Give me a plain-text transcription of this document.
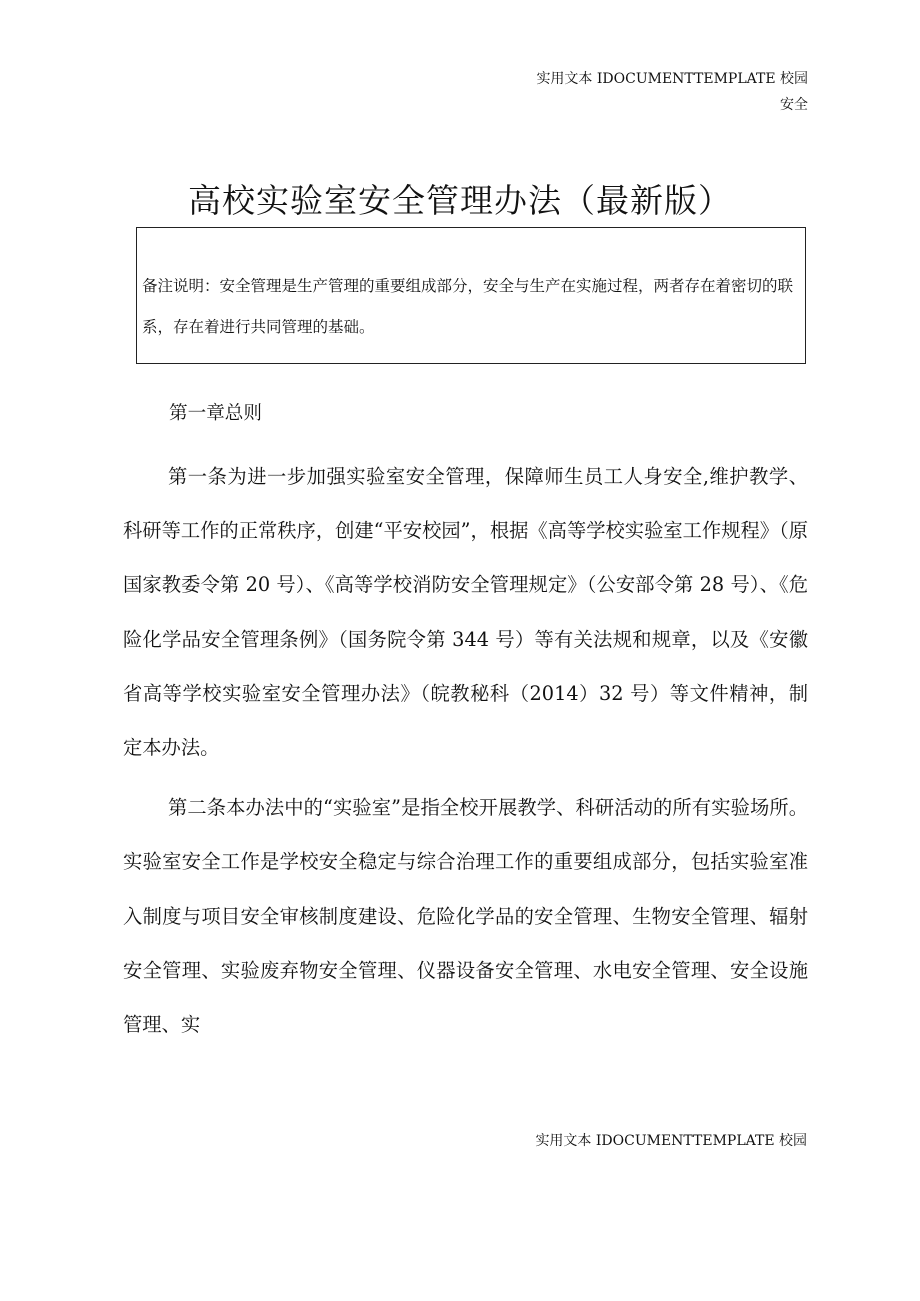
实用文本 IDOCUMENTTEMPLATE 校园
安全
高校实验室安全管理办法（最新版）
备注说明：安全管理是生产管理的重要组成部分，安全与生产在实施过程，两者存在着密切的联系，存在着进行共同管理的基础。

第一章总则

第一条为进一步加强实验室安全管理，保障师生员工人身安全,维护教学、科研等工作的正常秩序，创建“平安校园”，根据《高等学校实验室工作规程》（原国家教委令第 20 号）、《高等学校消防安全管理规定》（公安部令第 28 号）、《危险化学品安全管理条例》（国务院令第 344 号）等有关法规和规章，以及《安徽省高等学校实验室安全管理办法》（皖教秘科（2014）32 号）等文件精神，制定本办法。

第二条本办法中的“实验室”是指全校开展教学、科研活动的所有实验场所。实验室安全工作是学校安全稳定与综合治理工作的重要组成部分，包括实验室准入制度与项目安全审核制度建设、危险化学品的安全管理、生物安全管理、辐射安全管理、实验废弃物安全管理、仪器设备安全管理、水电安全管理、安全设施管理、实

实用文本 IDOCUMENTTEMPLATE 校园
